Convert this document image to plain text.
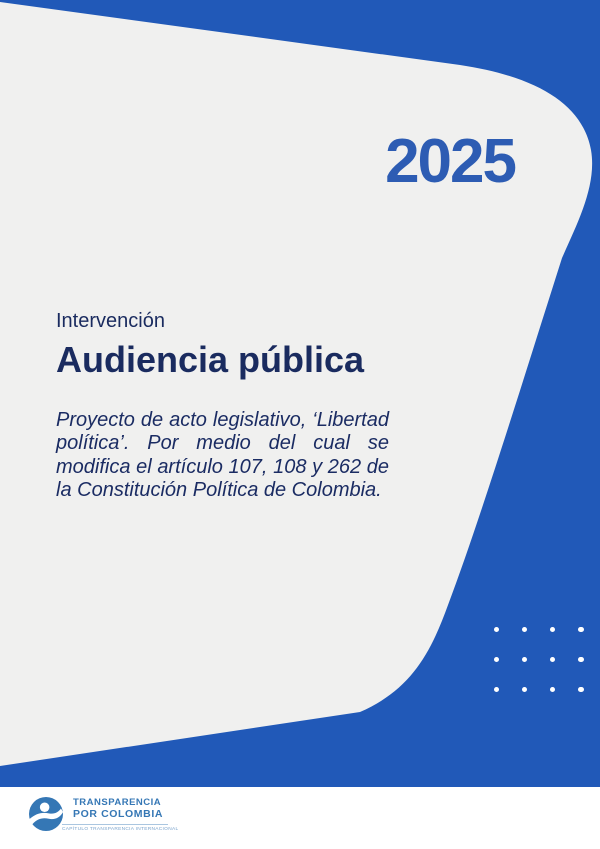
2025
Intervención
Audiencia pública
Proyecto de acto legislativo, ‘Libertad
política’. Por medio del cual se
modifica el artículo 107, 108 y 262 de
la Constitución Política de Colombia.
TRANSPARENCIA
POR COLOMBIA
CAPÍTULO TRANSPARENCIA INTERNACIONAL
